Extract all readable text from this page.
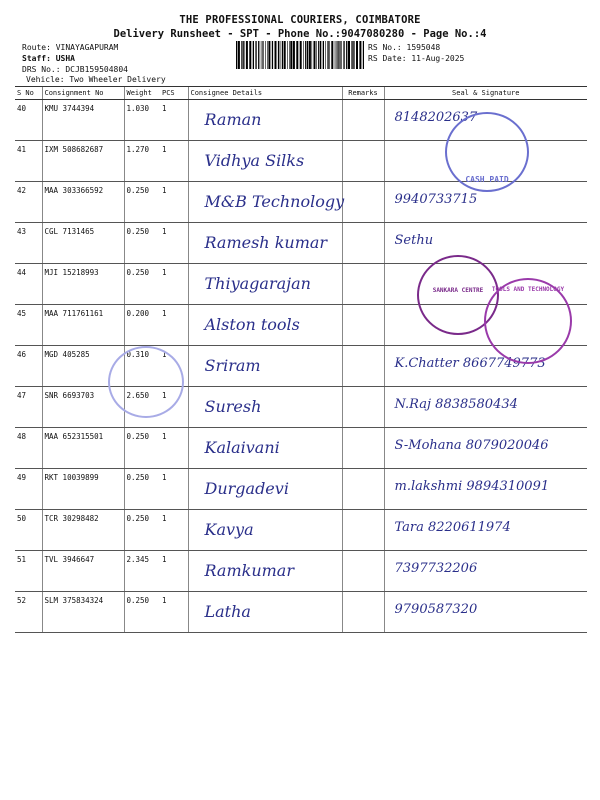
THE PROFESSIONAL COURIERS, COIMBATORE
Delivery Runsheet - SPT - Phone No.:9047080280 - Page No.:4
Route: VINAYAGAPURAM
Staff: USHA
DRS No.: DCJB159504804
Vehicle: Two Wheeler Delivery
RS No.: 1595048
RS Date: 11-Aug-2025
S No	Consignment No	Weight	PCS	Consignee Details	Remarks	Seal & Signature
40	KMU 3744394	1.030	1	Raman		8148202637

41	IXM 508682687	1.270	1	Vidhya Silks		

42	MAA 303366592	0.250	1	M&B Technology		9940733715

43	CGL 7131465	0.250	1	Ramesh kumar		Sethu

44	MJI 15218993	0.250	1	Thiyagarajan		

45	MAA 711761161	0.200	1	Alston tools		

46	MGD 405285	0.310	1	Sriram		K.Chatter 8667749773

47	SNR 6693703	2.650	1	Suresh		N.Raj 8838580434

48	MAA 652315501	0.250	1	Kalaivani		S-Mohana 8079020046

49	RKT 10039899	0.250	1	Durgadevi		m.lakshmi 9894310091

50	TCR 30298482	0.250	1	Kavya		Tara 8220611974

51	TVL 3946647	2.345	1	Ramkumar		7397732206

52	SLM 375834324	0.250	1	Latha		9790587320
CASH PAID
SANKARA CENTRE	TOOLS AND TECHNOLOGY
